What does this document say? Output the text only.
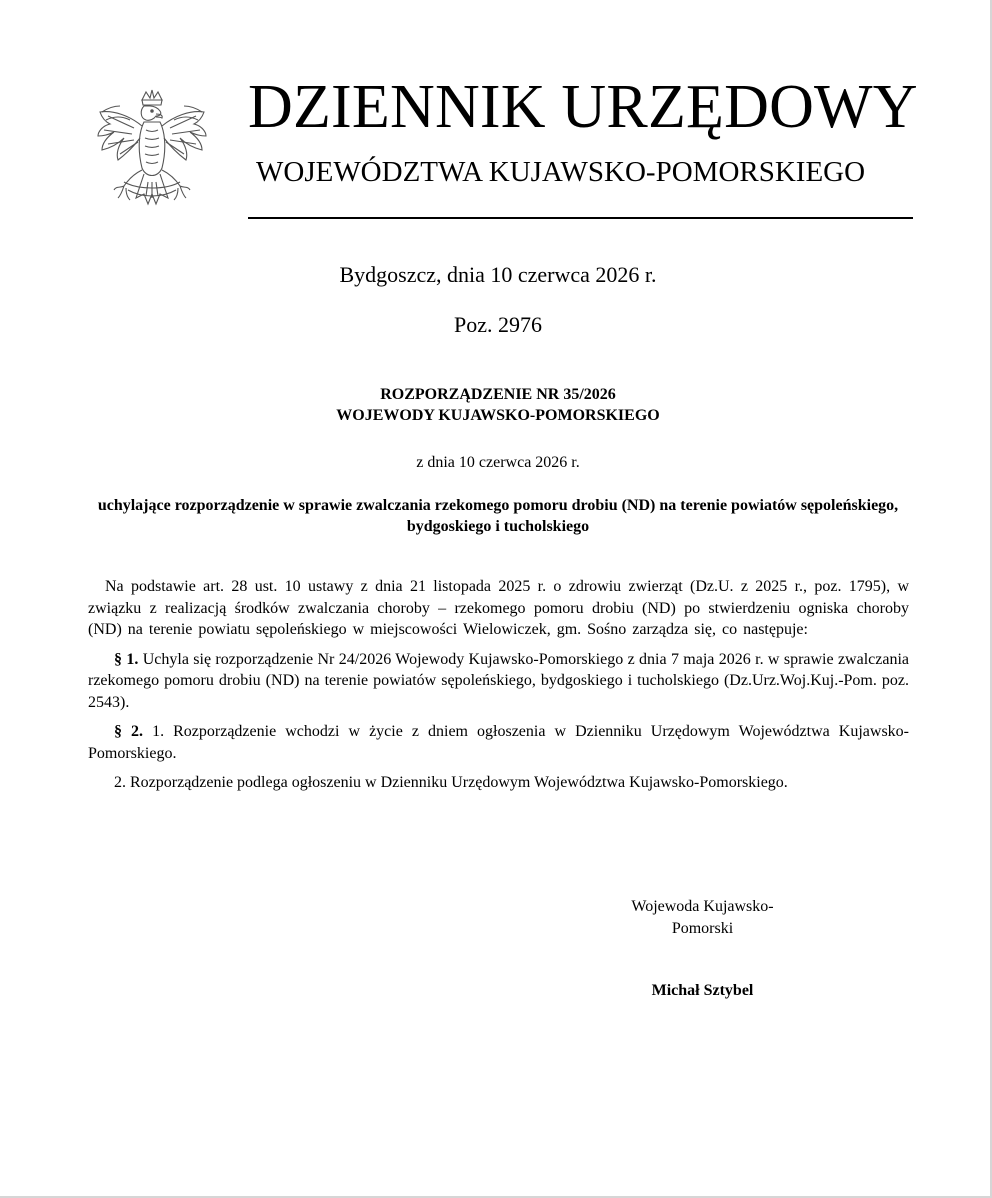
DZIENNIK URZĘDOWY
WOJEWÓDZTWA KUJAWSKO-POMORSKIEGO
Bydgoszcz, dnia 10 czerwca 2026 r.
Poz. 2976
ROZPORZĄDZENIE NR 35/2026
WOJEWODY KUJAWSKO-POMORSKIEGO
z dnia 10 czerwca 2026 r.
uchylające rozporządzenie w sprawie zwalczania rzekomego pomoru drobiu (ND) na terenie powiatów sępoleńskiego, bydgoskiego i tucholskiego

Na podstawie art. 28 ust. 10 ustawy z dnia 21 listopada 2025 r. o zdrowiu zwierząt (Dz.U. z 2025 r., poz. 1795), w związku z realizacją środków zwalczania choroby – rzekomego pomoru drobiu (ND) po stwierdzeniu ogniska choroby (ND) na terenie powiatu sępoleńskiego w miejscowości Wielowiczek, gm. Sośno zarządza się, co następuje:

§ 1. Uchyla się rozporządzenie Nr 24/2026 Wojewody Kujawsko-Pomorskiego z dnia 7 maja 2026 r. w sprawie zwalczania rzekomego pomoru drobiu (ND) na terenie powiatów sępoleńskiego, bydgoskiego i tucholskiego (Dz.Urz.Woj.Kuj.-Pom. poz. 2543).

§ 2. 1. Rozporządzenie wchodzi w życie z dniem ogłoszenia w Dzienniku Urzędowym Województwa Kujawsko-Pomorskiego.

2. Rozporządzenie podlega ogłoszeniu w Dzienniku Urzędowym Województwa Kujawsko-Pomorskiego.

Wojewoda Kujawsko-
Pomorski
Michał Sztybel
